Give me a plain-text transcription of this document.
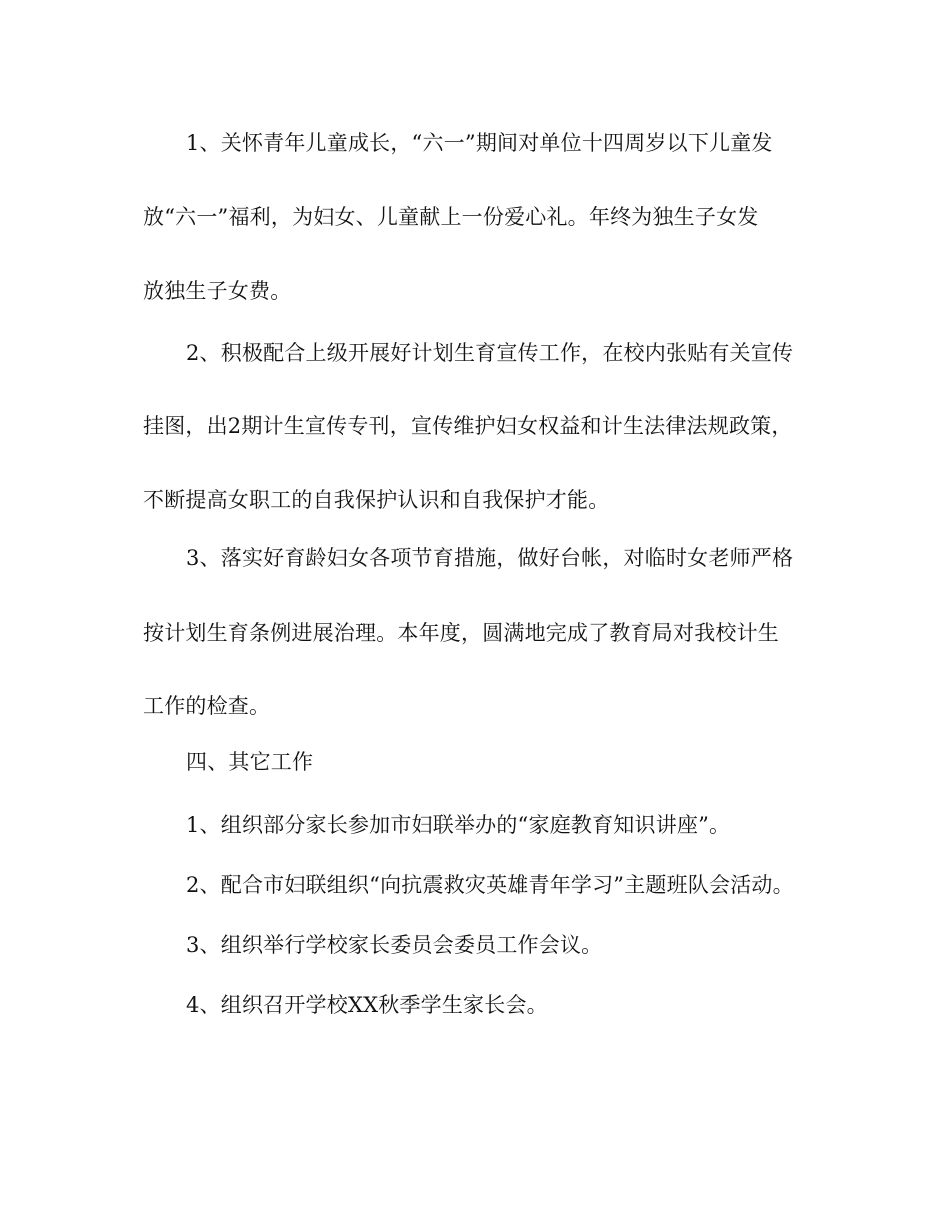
1、关怀青年儿童成长，“六一”期间对单位十四周岁以下儿童发

放“六一”福利，为妇女、儿童献上一份爱心礼。年终为独生子女发

放独生子女费。

2、积极配合上级开展好计划生育宣传工作，在校内张贴有关宣传

挂图，出2期计生宣传专刊，宣传维护妇女权益和计生法律法规政策，

不断提高女职工的自我保护认识和自我保护才能。

3、落实好育龄妇女各项节育措施，做好台帐，对临时女老师严格

按计划生育条例进展治理。本年度，圆满地完成了教育局对我校计生

工作的检查。

四、其它工作

1、组织部分家长参加市妇联举办的“家庭教育知识讲座”。

2、配合市妇联组织“向抗震救灾英雄青年学习”主题班队会活动。

3、组织举行学校家长委员会委员工作会议。

4、组织召开学校XX秋季学生家长会。
